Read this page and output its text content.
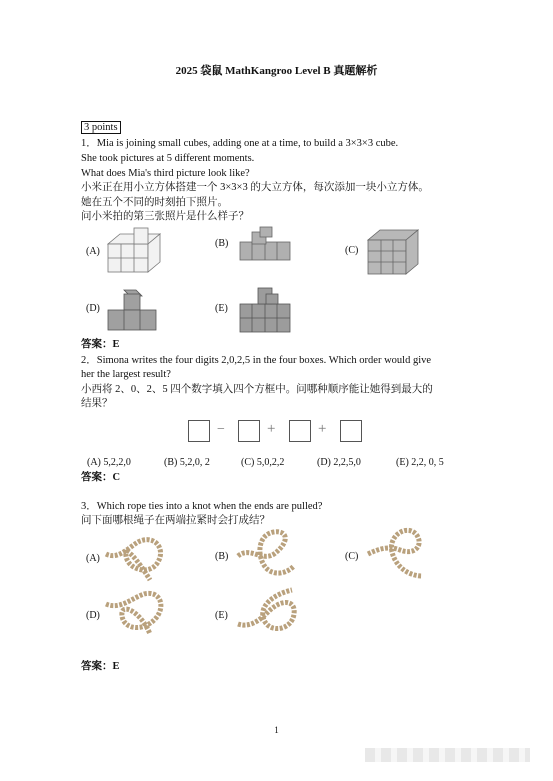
2025 袋鼠 MathKangroo Level B 真题解析
3 points
1．Mia is joining small cubes, adding one at a time, to build a 3×3×3 cube.
She took pictures at 5 different moments.
What does Mia's third picture look like?
小米正在用小立方体搭建一个 3×3×3 的大立方体，每次添加一块小立方体。
她在五个不同的时刻拍下照片。
问小米拍的第三张照片是什么样子？
(A)
(B)
(C)
(D)	(E)
答案：E
2．Simona writes the four digits 2,0,2,5 in the four boxes. Which order would give
her the largest result?
小西将 2、0、2、5 四个数字填入四个方框中。问哪种顺序能让她得到最大的
结果？
−	+	+
(A) 5,2,2,0	(B) 5,2,0, 2	(C) 5,0,2,2	(D) 2,2,5,0	(E) 2,2, 0, 5
答案：C
3．Which rope ties into a knot when the ends are pulled?
问下面哪根绳子在两端拉紧时会打成结？
(A)	(B)	(C)
(D)	(E)
答案：E
1
